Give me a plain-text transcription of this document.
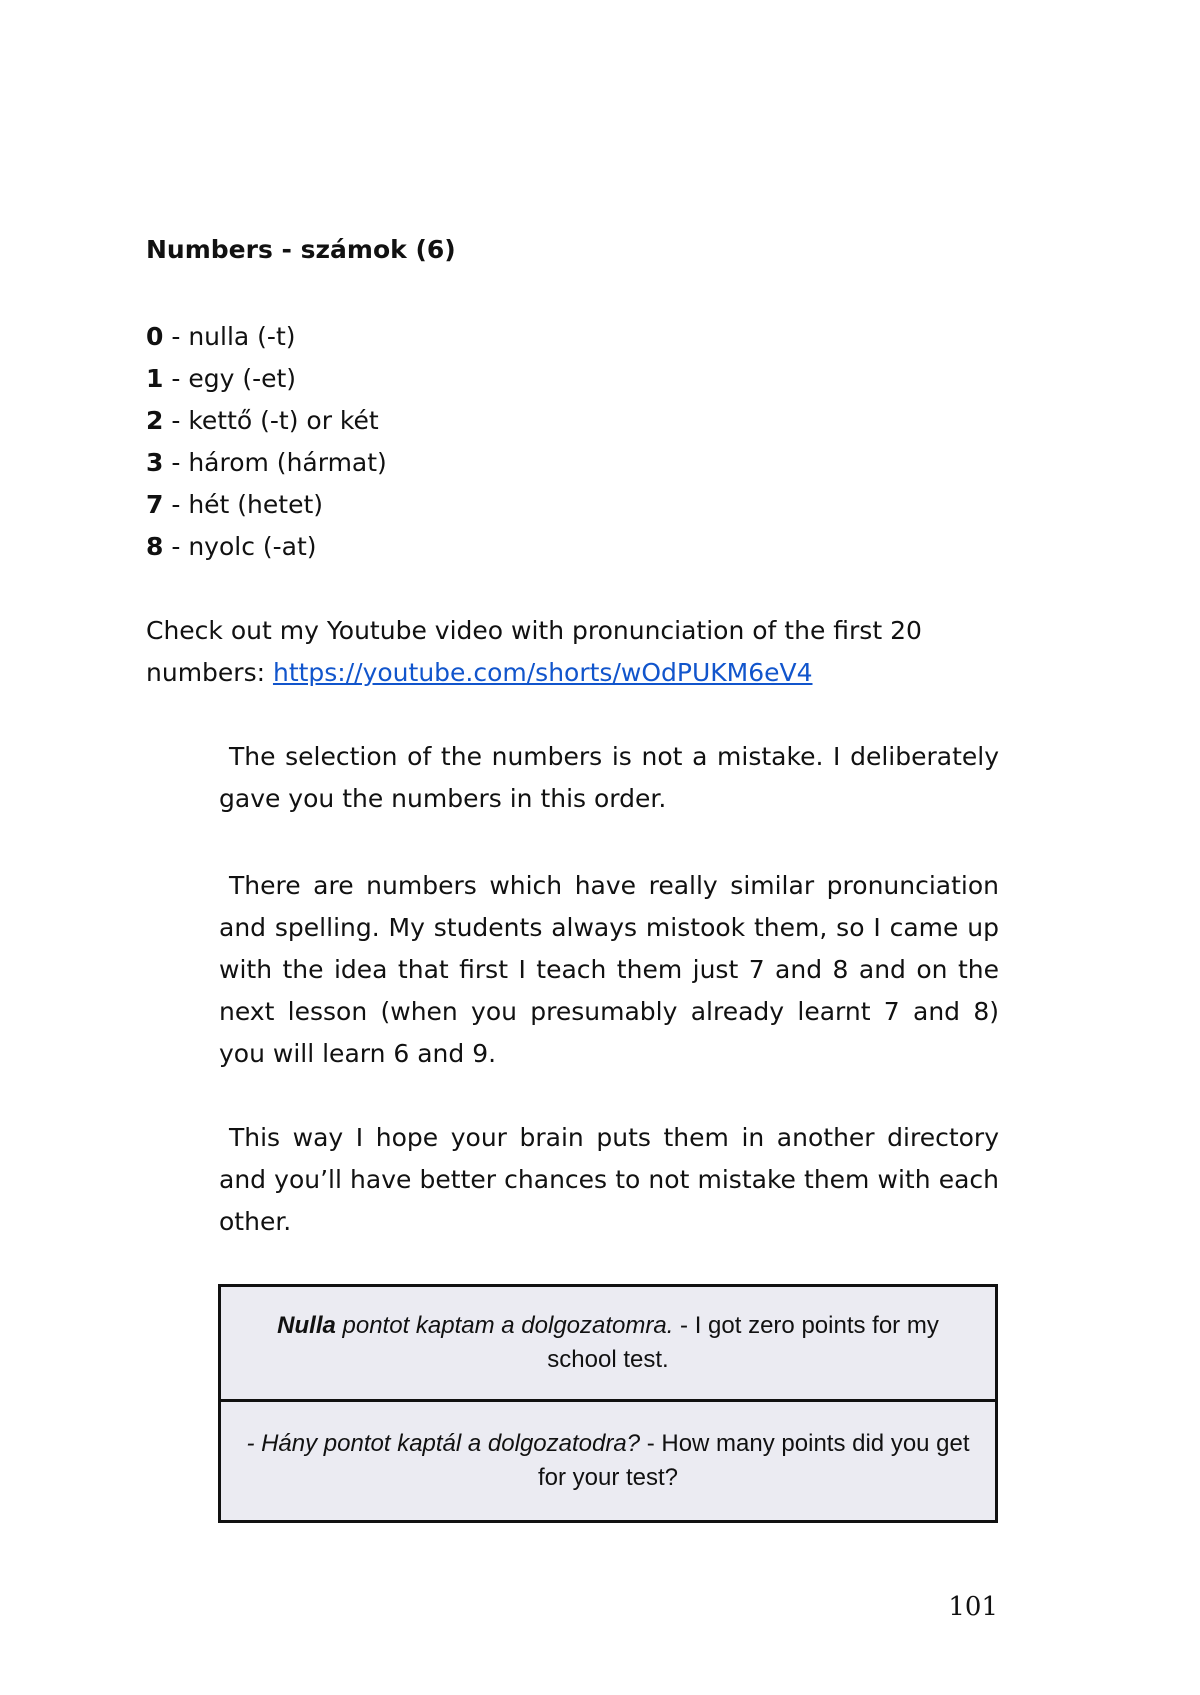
Numbers - számok (6)
0 - nulla (-t)
1 - egy (-et)
2 - kettő (-t) or két
3 - három (hármat)
7 - hét (hetet)
8 - nyolc (-at)

Check out my Youtube video with pronunciation of the first 20 numbers: https://youtube.com/shorts/wOdPUKM6eV4

The selection of the numbers is not a mistake. I deliberately gave you the numbers in this order.

There are numbers which have really similar pronunciation and spelling. My students always mistook them, so I came up with the idea that first I teach them just 7 and 8 and on the next lesson (when you presumably already learnt 7 and 8) you will learn 6 and 9.

This way I hope your brain puts them in another directory and you’ll have better chances to not mistake them with each other.

Nulla pontot kaptam a dolgozatomra. - I got zero points for my school test.
- Hány pontot kaptál a dolgozatodra? - How many points did you get for your test?

101
